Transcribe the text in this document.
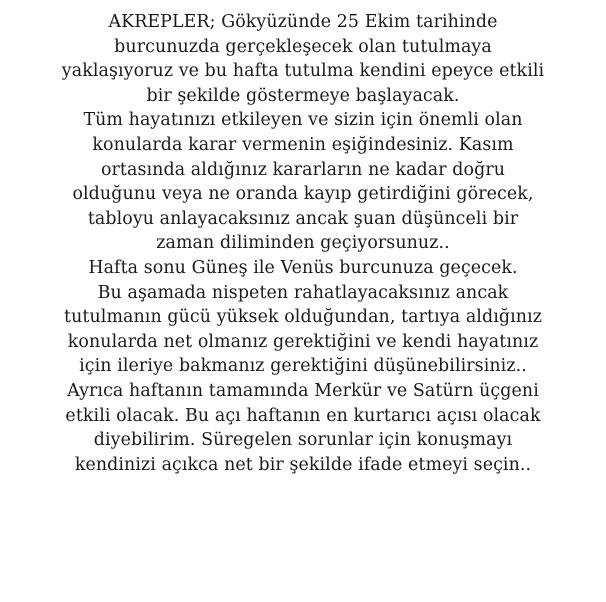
AKREPLER; Gökyüzünde 25 Ekim tarihinde
burcunuzda gerçekleşecek olan tutulmaya
yaklaşıyoruz ve bu hafta tutulma kendini epeyce etkili
bir şekilde göstermeye başlayacak.
Tüm hayatınızı etkileyen ve sizin için önemli olan
konularda karar vermenin eşiğindesiniz. Kasım
ortasında aldığınız kararların ne kadar doğru
olduğunu veya ne oranda kayıp getirdiğini görecek,
tabloyu anlayacaksınız ancak şuan düşünceli bir
zaman diliminden geçiyorsunuz..
Hafta sonu Güneş ile Venüs burcunuza geçecek.
Bu aşamada nispeten rahatlayacaksınız ancak
tutulmanın gücü yüksek olduğundan, tartıya aldığınız
konularda net olmanız gerektiğini ve kendi hayatınız
için ileriye bakmanız gerektiğini düşünebilirsiniz..
Ayrıca haftanın tamamında Merkür ve Satürn üçgeni
etkili olacak. Bu açı haftanın en kurtarıcı açısı olacak
diyebilirim. Süregelen sorunlar için konuşmayı
kendinizi açıkca net bir şekilde ifade etmeyi seçin..
